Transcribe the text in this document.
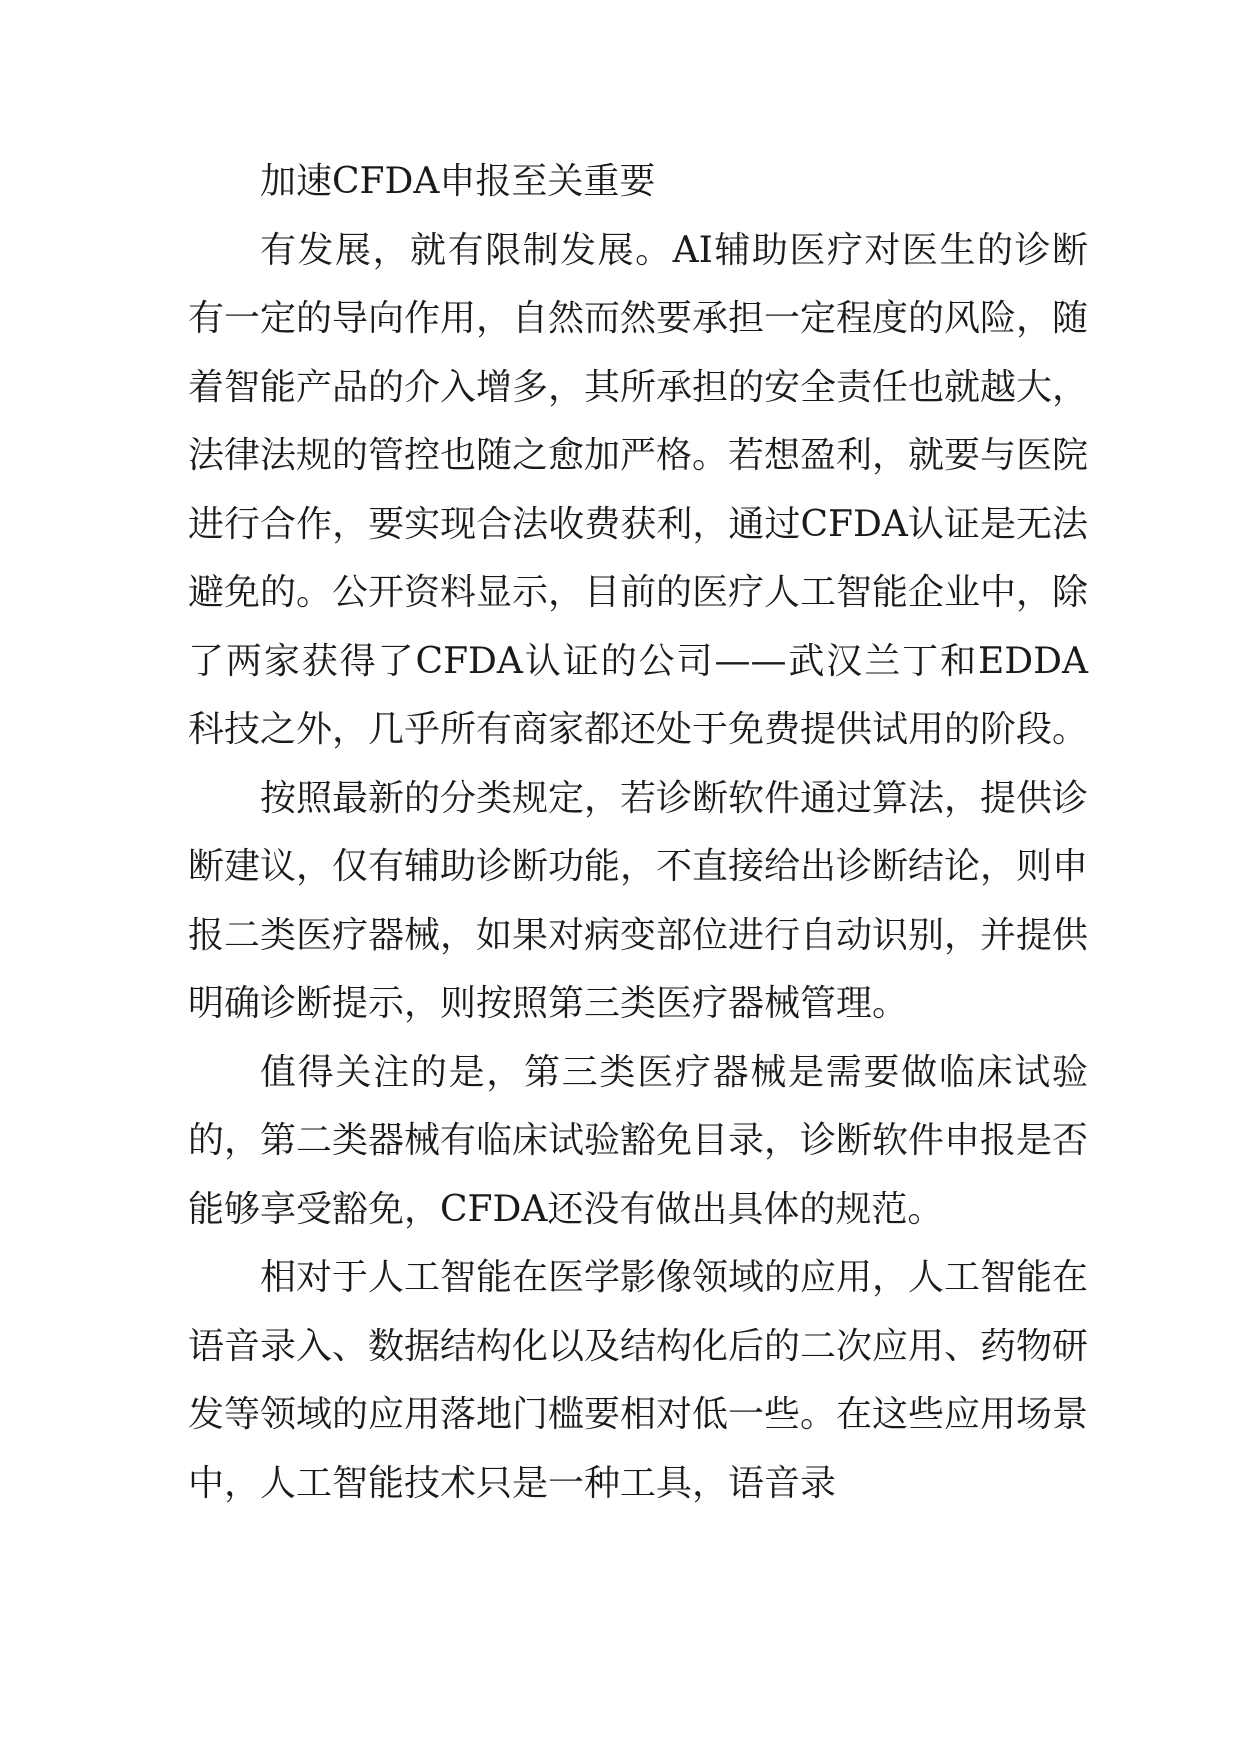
加速CFDA申报至关重要

有发展，就有限制发展。AI辅助医疗对医生的诊断有一定的导向作用，自然而然要承担一定程度的风险，随着智能产品的介入增多，其所承担的安全责任也就越大，法律法规的管控也随之愈加严格。若想盈利，就要与医院进行合作，要实现合法收费获利，通过CFDA认证是无法避免的。公开资料显示，目前的医疗人工智能企业中，除了两家获得了CFDA认证的公司——武汉兰丁和EDDA科技之外，几乎所有商家都还处于免费提供试用的阶段。

按照最新的分类规定，若诊断软件通过算法，提供诊断建议，仅有辅助诊断功能，不直接给出诊断结论，则申报二类医疗器械，如果对病变部位进行自动识别，并提供明确诊断提示，则按照第三类医疗器械管理。

值得关注的是，第三类医疗器械是需要做临床试验的，第二类器械有临床试验豁免目录，诊断软件申报是否能够享受豁免，CFDA还没有做出具体的规范。

相对于人工智能在医学影像领域的应用，人工智能在语音录入、数据结构化以及结构化后的二次应用、药物研发等领域的应用落地门槛要相对低一些。在这些应用场景中，人工智能技术只是一种工具，语音录
